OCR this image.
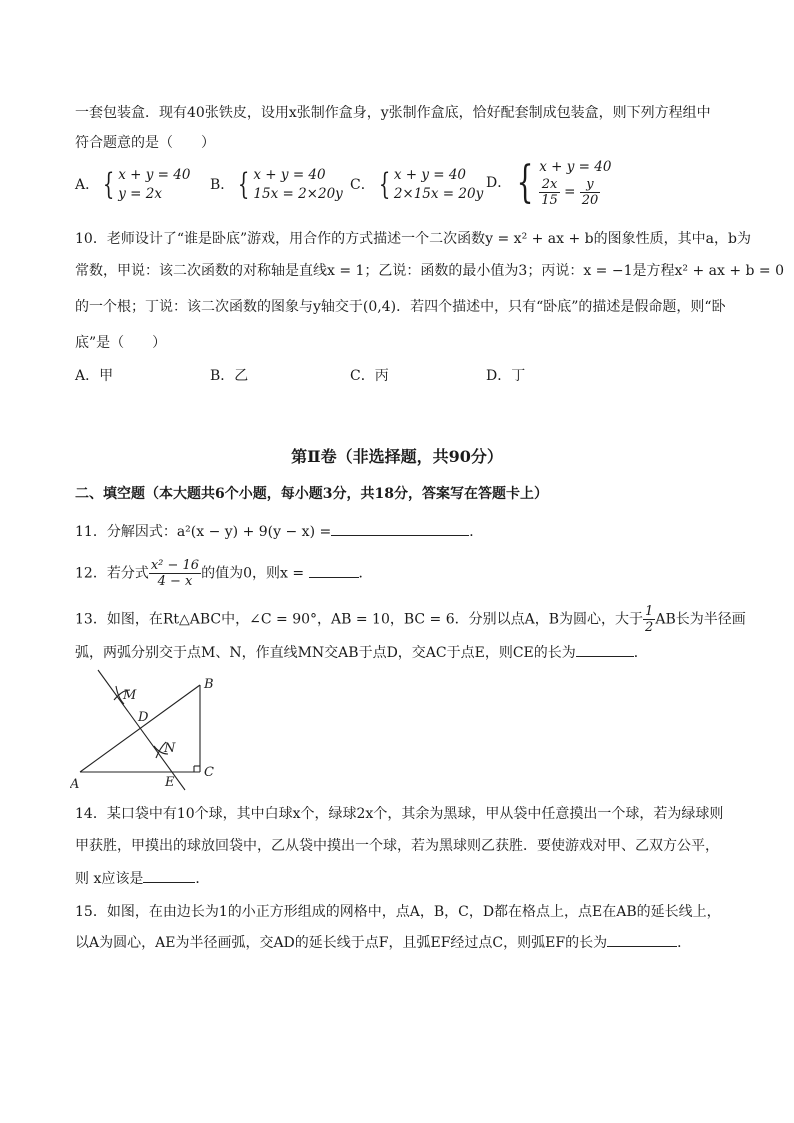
一套包装盒．现有40张铁皮，设用x张制作盒身，y张制作盒底，恰好配套制成包装盒，则下列方程组中
符合题意的是（　　）
A． { x + y = 40
y = 2x
B． { x + y = 40
15x = 2×20y
C． { x + y = 40
2×15x = 20y
D． { x + y = 40

$\frac{2x}{15} = \frac{y}{20}$
10．老师设计了“谁是卧底”游戏，用合作的方式描述一个二次函数y = x² + ax + b的图象性质，其中a，b为
常数，甲说：该二次函数的对称轴是直线x = 1；乙说：函数的最小值为3；丙说：x = −1是方程x² + ax + b = 0
的一个根；丁说：该二次函数的图象与y轴交于(0,4)．若四个描述中，只有“卧底”的描述是假命题，则“卧
底”是（　　）
A．甲	B．乙	C．丙	D．丁
第Ⅱ卷（非选择题，共90分）
二、填空题（本大题共6个小题，每小题3分，共18分，答案写在答题卡上）
11．分解因式：a²(x − y) + 9(y − x) =	．
12．若分式 $\frac{\text{x² − 16}}{4 - x}$ 的值为0，则x =	．
13．如图，在Rt△ABC中，∠C = 90°，AB = 10，BC = 6．分别以点A，B为圆心，大于 $\frac{1}{2}$ AB长为半径画
弧，两弧分别交于点M、N，作直线MN交AB于点D，交AC于点E，则CE的长为	．
A
B
C
D
E
M
N
14．某口袋中有10个球，其中白球x个，绿球2x个，其余为黑球，甲从袋中任意摸出一个球，若为绿球则
甲获胜，甲摸出的球放回袋中，乙从袋中摸出一个球，若为黑球则乙获胜．要使游戏对甲、乙双方公平，
则 x应该是	．
15．如图，在由边长为1的小正方形组成的网格中，点A，B，C，D都在格点上，点E在AB的延长线上，
以A为圆心，AE为半径画弧，交AD的延长线于点F，且弧EF经过点C，则弧EF的长为	．
